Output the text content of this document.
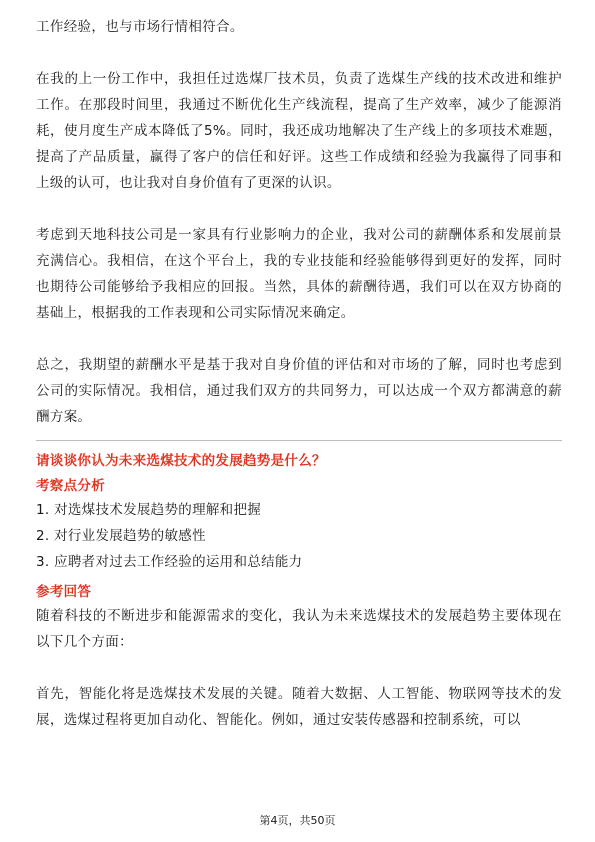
工作经验，也与市场行情相符合。

在我的上一份工作中，我担任过选煤厂技术员，负责了选煤生产线的技术改进和维护工作。在那段时间里，我通过不断优化生产线流程，提高了生产效率，减少了能源消耗，使月度生产成本降低了5%。同时，我还成功地解决了生产线上的多项技术难题，提高了产品质量，赢得了客户的信任和好评。这些工作成绩和经验为我赢得了同事和上级的认可，也让我对自身价值有了更深的认识。

考虑到天地科技公司是一家具有行业影响力的企业，我对公司的薪酬体系和发展前景充满信心。我相信，在这个平台上，我的专业技能和经验能够得到更好的发挥，同时也期待公司能够给予我相应的回报。当然，具体的薪酬待遇，我们可以在双方协商的基础上，根据我的工作表现和公司实际情况来确定。

总之，我期望的薪酬水平是基于我对自身价值的评估和对市场的了解，同时也考虑到公司的实际情况。我相信，通过我们双方的共同努力，可以达成一个双方都满意的薪酬方案。

请谈谈你认为未来选煤技术的发展趋势是什么？

考察点分析

1. 对选煤技术发展趋势的理解和把握
2. 对行业发展趋势的敏感性
3. 应聘者对过去工作经验的运用和总结能力

参考回答

随着科技的不断进步和能源需求的变化，我认为未来选煤技术的发展趋势主要体现在以下几个方面：

首先，智能化将是选煤技术发展的关键。随着大数据、人工智能、物联网等技术的发展，选煤过程将更加自动化、智能化。例如，通过安装传感器和控制系统，可以

第4页，共50页
